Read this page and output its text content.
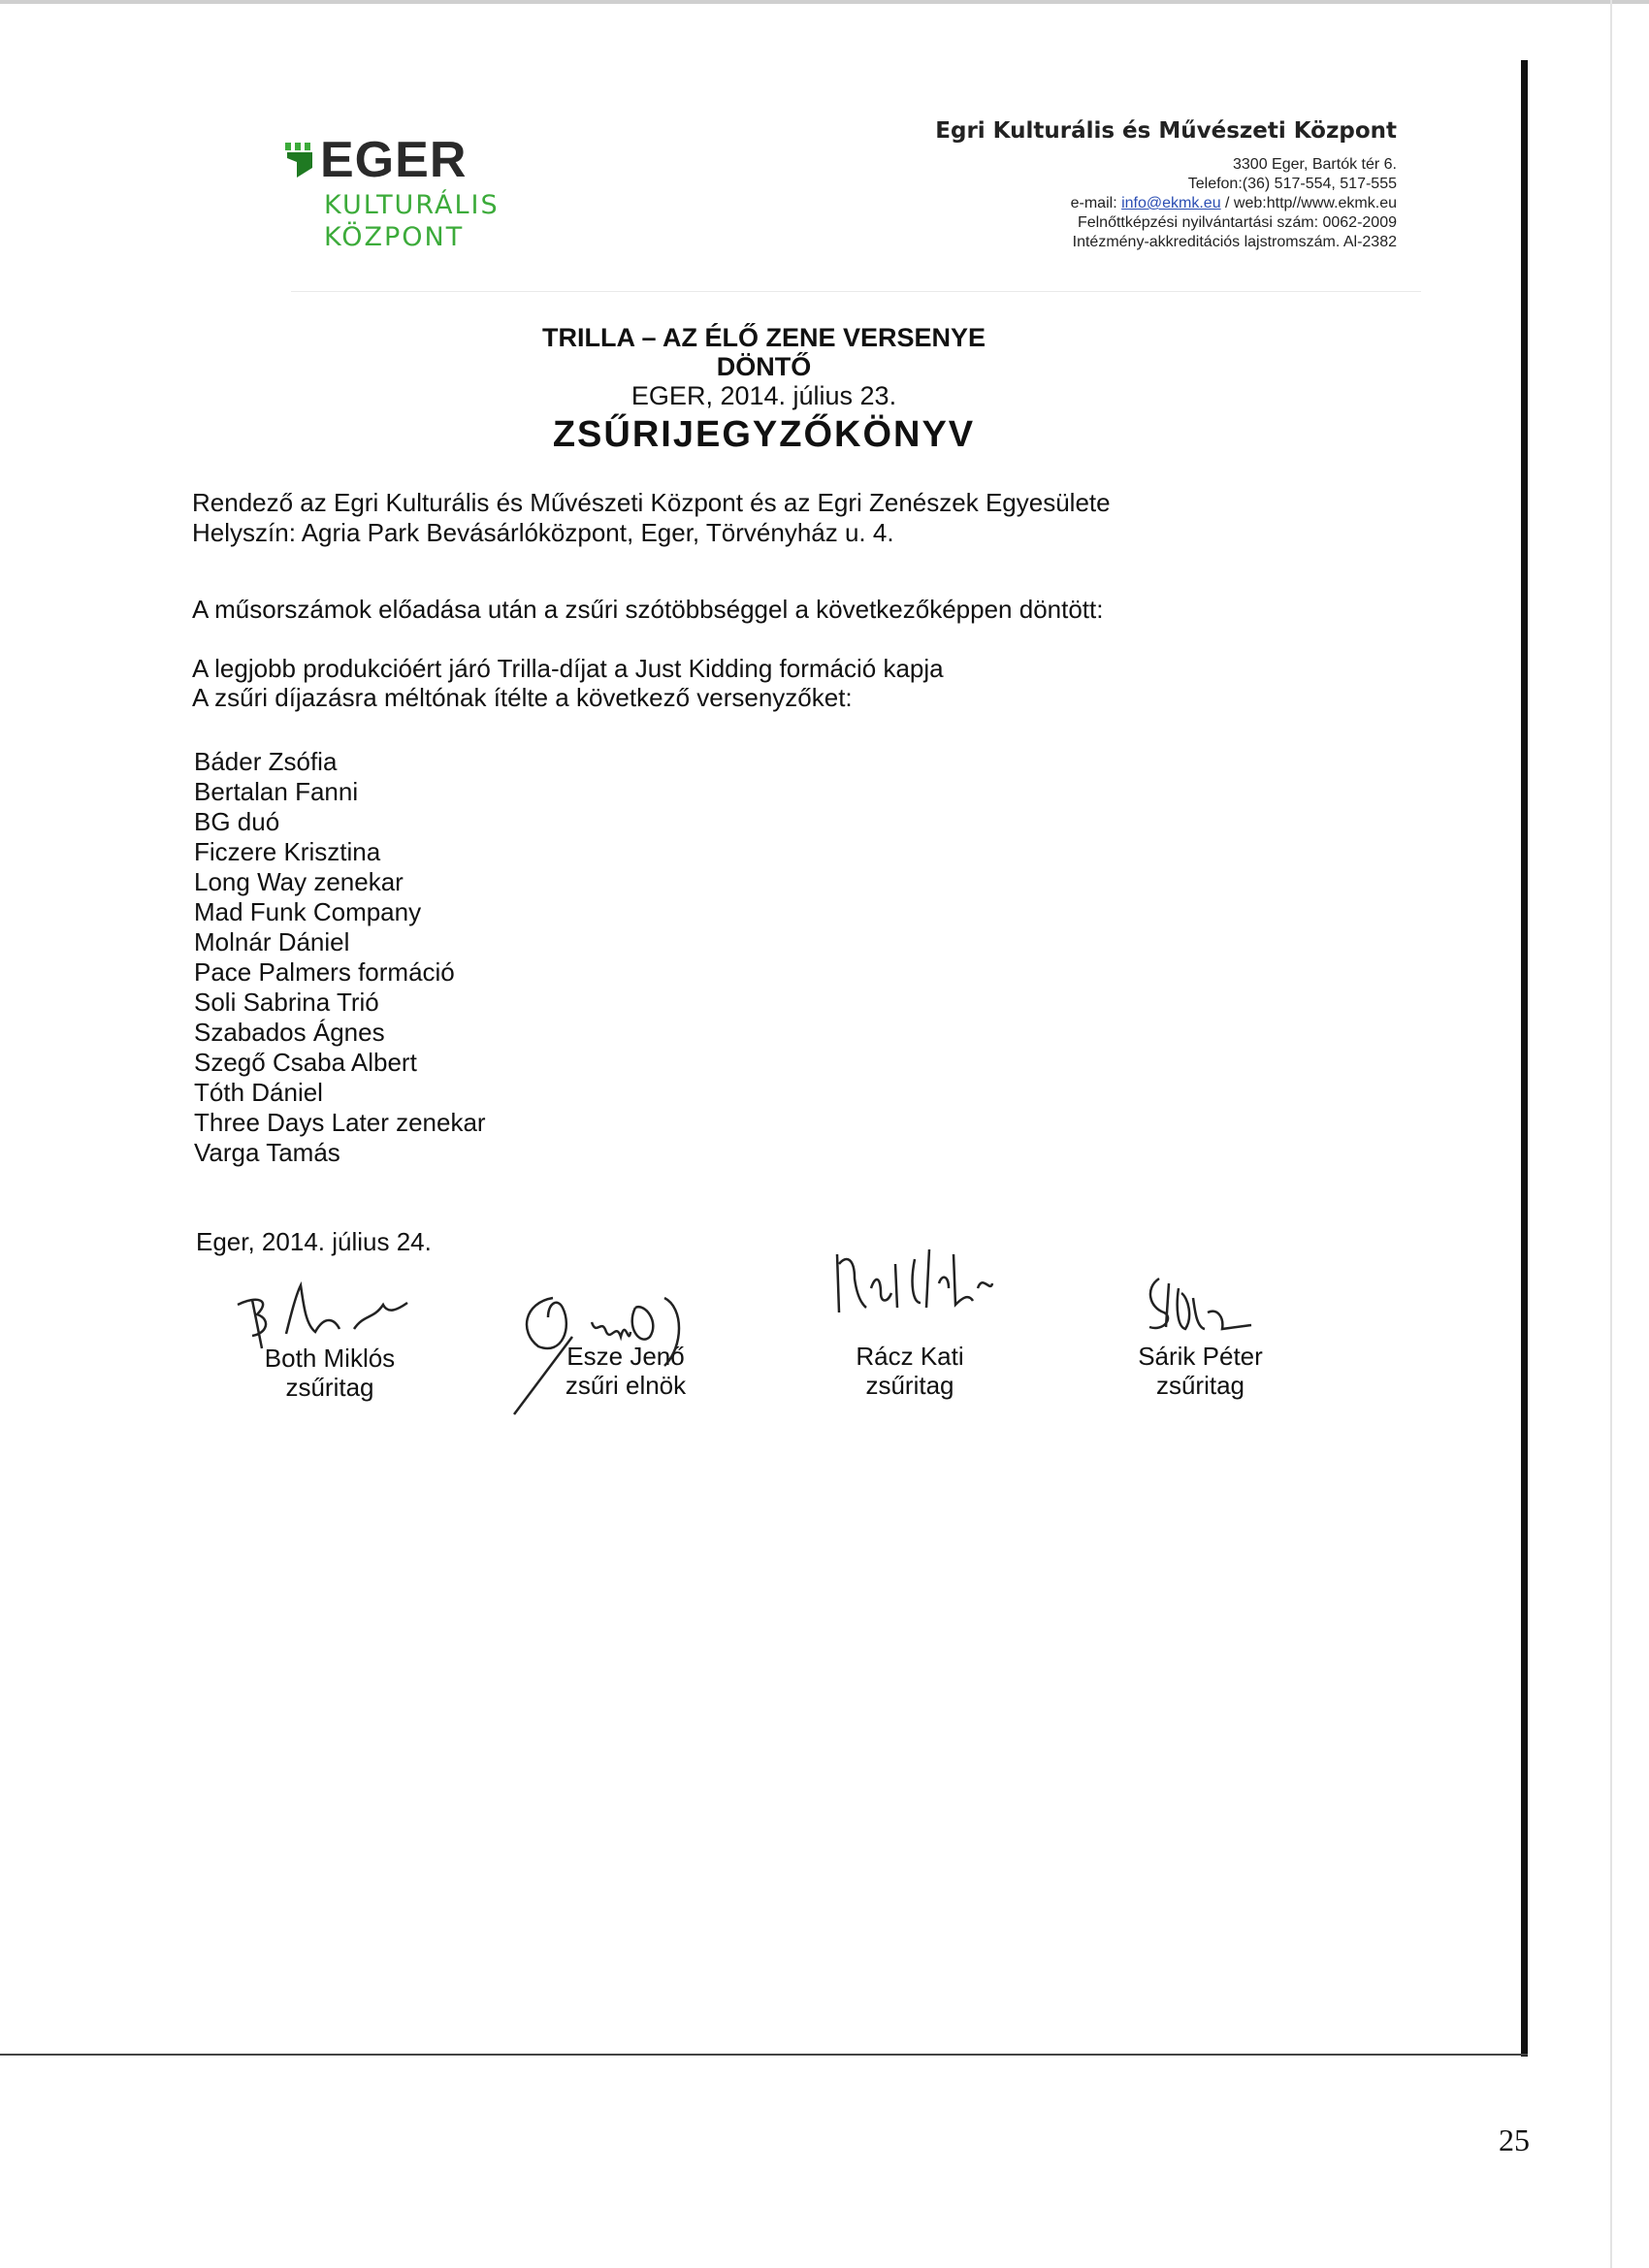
EGER
KULTURÁLIS
KÖZPONT
Egri Kulturális és Művészeti Központ
3300 Eger, Bartók tér 6.
Telefon:(36) 517-554, 517-555
e-mail: info@ekmk.eu / web:http//www.ekmk.eu
Felnőttképzési nyilvántartási szám: 0062-2009
Intézmény-akkreditációs lajstromszám. Al-2382
TRILLA – AZ ÉLŐ ZENE VERSENYE
DÖNTŐ
EGER, 2014. július 23.
ZSŰRIJEGYZŐKÖNYV
Rendező az Egri Kulturális és Művészeti Központ és az Egri Zenészek Egyesülete
Helyszín: Agria Park Bevásárlóközpont, Eger, Törvényház u. 4.
A műsorszámok előadása után a zsűri szótöbbséggel a következőképpen döntött:
A legjobb produkcióért járó Trilla-díjat a Just Kidding formáció kapja
A zsűri díjazásra méltónak ítélte a következő versenyzőket:
Báder Zsófia
Bertalan Fanni
BG duó
Ficzere Krisztina
Long Way zenekar
Mad Funk Company
Molnár Dániel
Pace Palmers formáció
Soli Sabrina Trió
Szabados Ágnes
Szegő Csaba Albert
Tóth Dániel
Three Days Later zenekar
Varga Tamás
Eger, 2014. július 24.
Both Miklós
zsűritag
Esze Jenő
zsűri elnök
Rácz Kati
zsűritag
Sárik Péter
zsűritag
25
